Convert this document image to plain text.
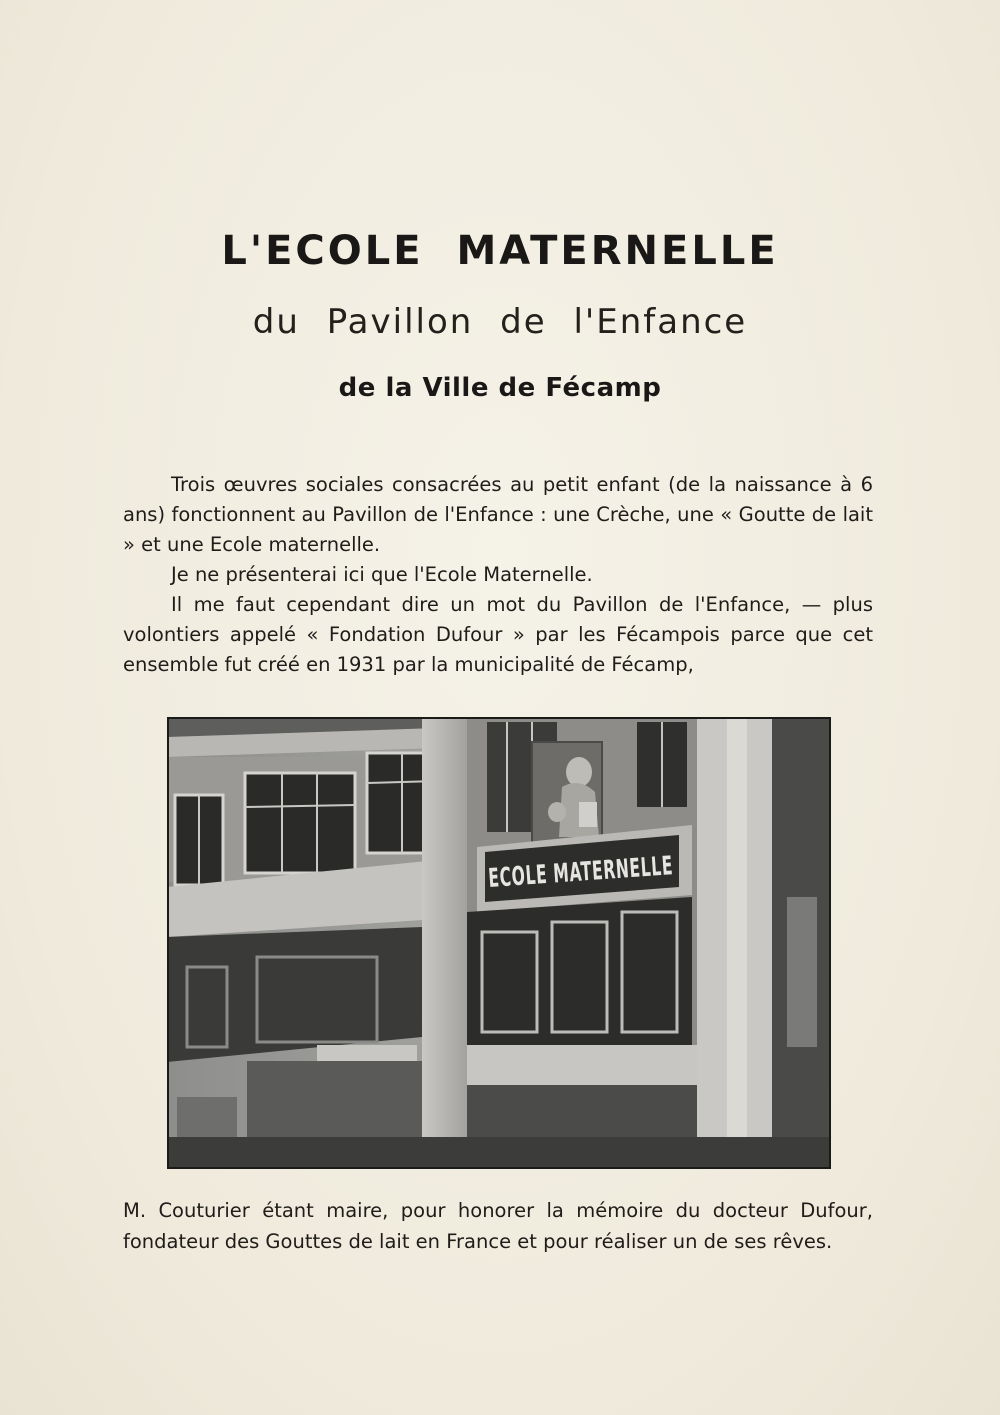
L'ECOLE MATERNELLE
du Pavillon de l'Enfance
de la Ville de Fécamp

Trois œuvres sociales consacrées au petit enfant (de la naissance à 6 ans) fonctionnent au Pavillon de l'Enfance : une Crèche, une « Goutte de lait » et une Ecole maternelle.

Je ne présenterai ici que l'Ecole Maternelle.

Il me faut cependant dire un mot du Pavillon de l'Enfance, — plus volontiers appelé « Fondation Dufour » par les Fécampois parce que cet ensemble fut créé en 1931 par la municipalité de Fécamp,

ECOLE MATERNELLE

M. Couturier étant maire, pour honorer la mémoire du docteur Dufour, fondateur des Gouttes de lait en France et pour réaliser un de ses rêves.
